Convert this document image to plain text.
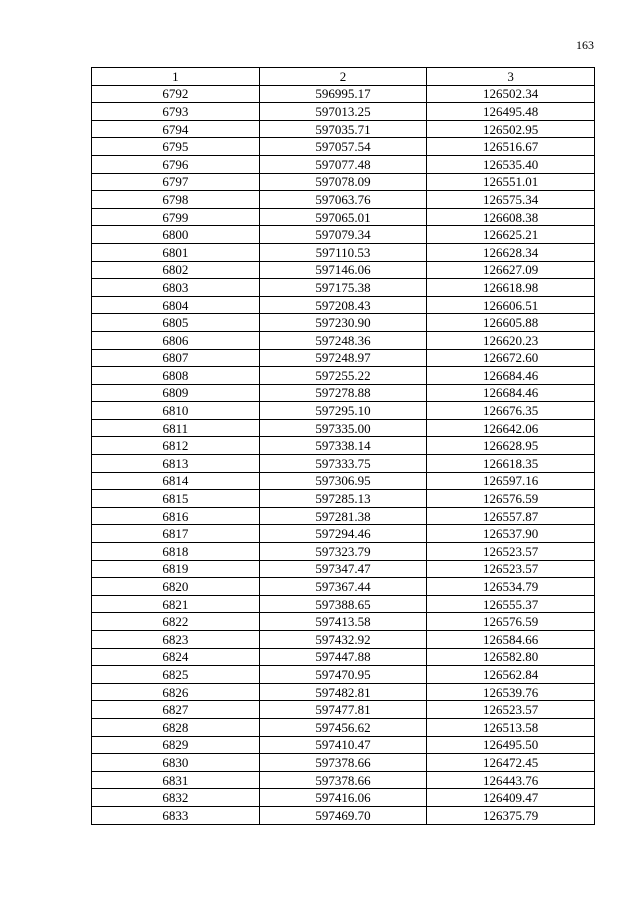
163
1	2	3
6792	596995.17	126502.34
6793	597013.25	126495.48
6794	597035.71	126502.95
6795	597057.54	126516.67
6796	597077.48	126535.40
6797	597078.09	126551.01
6798	597063.76	126575.34
6799	597065.01	126608.38
6800	597079.34	126625.21
6801	597110.53	126628.34
6802	597146.06	126627.09
6803	597175.38	126618.98
6804	597208.43	126606.51
6805	597230.90	126605.88
6806	597248.36	126620.23
6807	597248.97	126672.60
6808	597255.22	126684.46
6809	597278.88	126684.46
6810	597295.10	126676.35
6811	597335.00	126642.06
6812	597338.14	126628.95
6813	597333.75	126618.35
6814	597306.95	126597.16
6815	597285.13	126576.59
6816	597281.38	126557.87
6817	597294.46	126537.90
6818	597323.79	126523.57
6819	597347.47	126523.57
6820	597367.44	126534.79
6821	597388.65	126555.37
6822	597413.58	126576.59
6823	597432.92	126584.66
6824	597447.88	126582.80
6825	597470.95	126562.84
6826	597482.81	126539.76
6827	597477.81	126523.57
6828	597456.62	126513.58
6829	597410.47	126495.50
6830	597378.66	126472.45
6831	597378.66	126443.76
6832	597416.06	126409.47
6833	597469.70	126375.79
